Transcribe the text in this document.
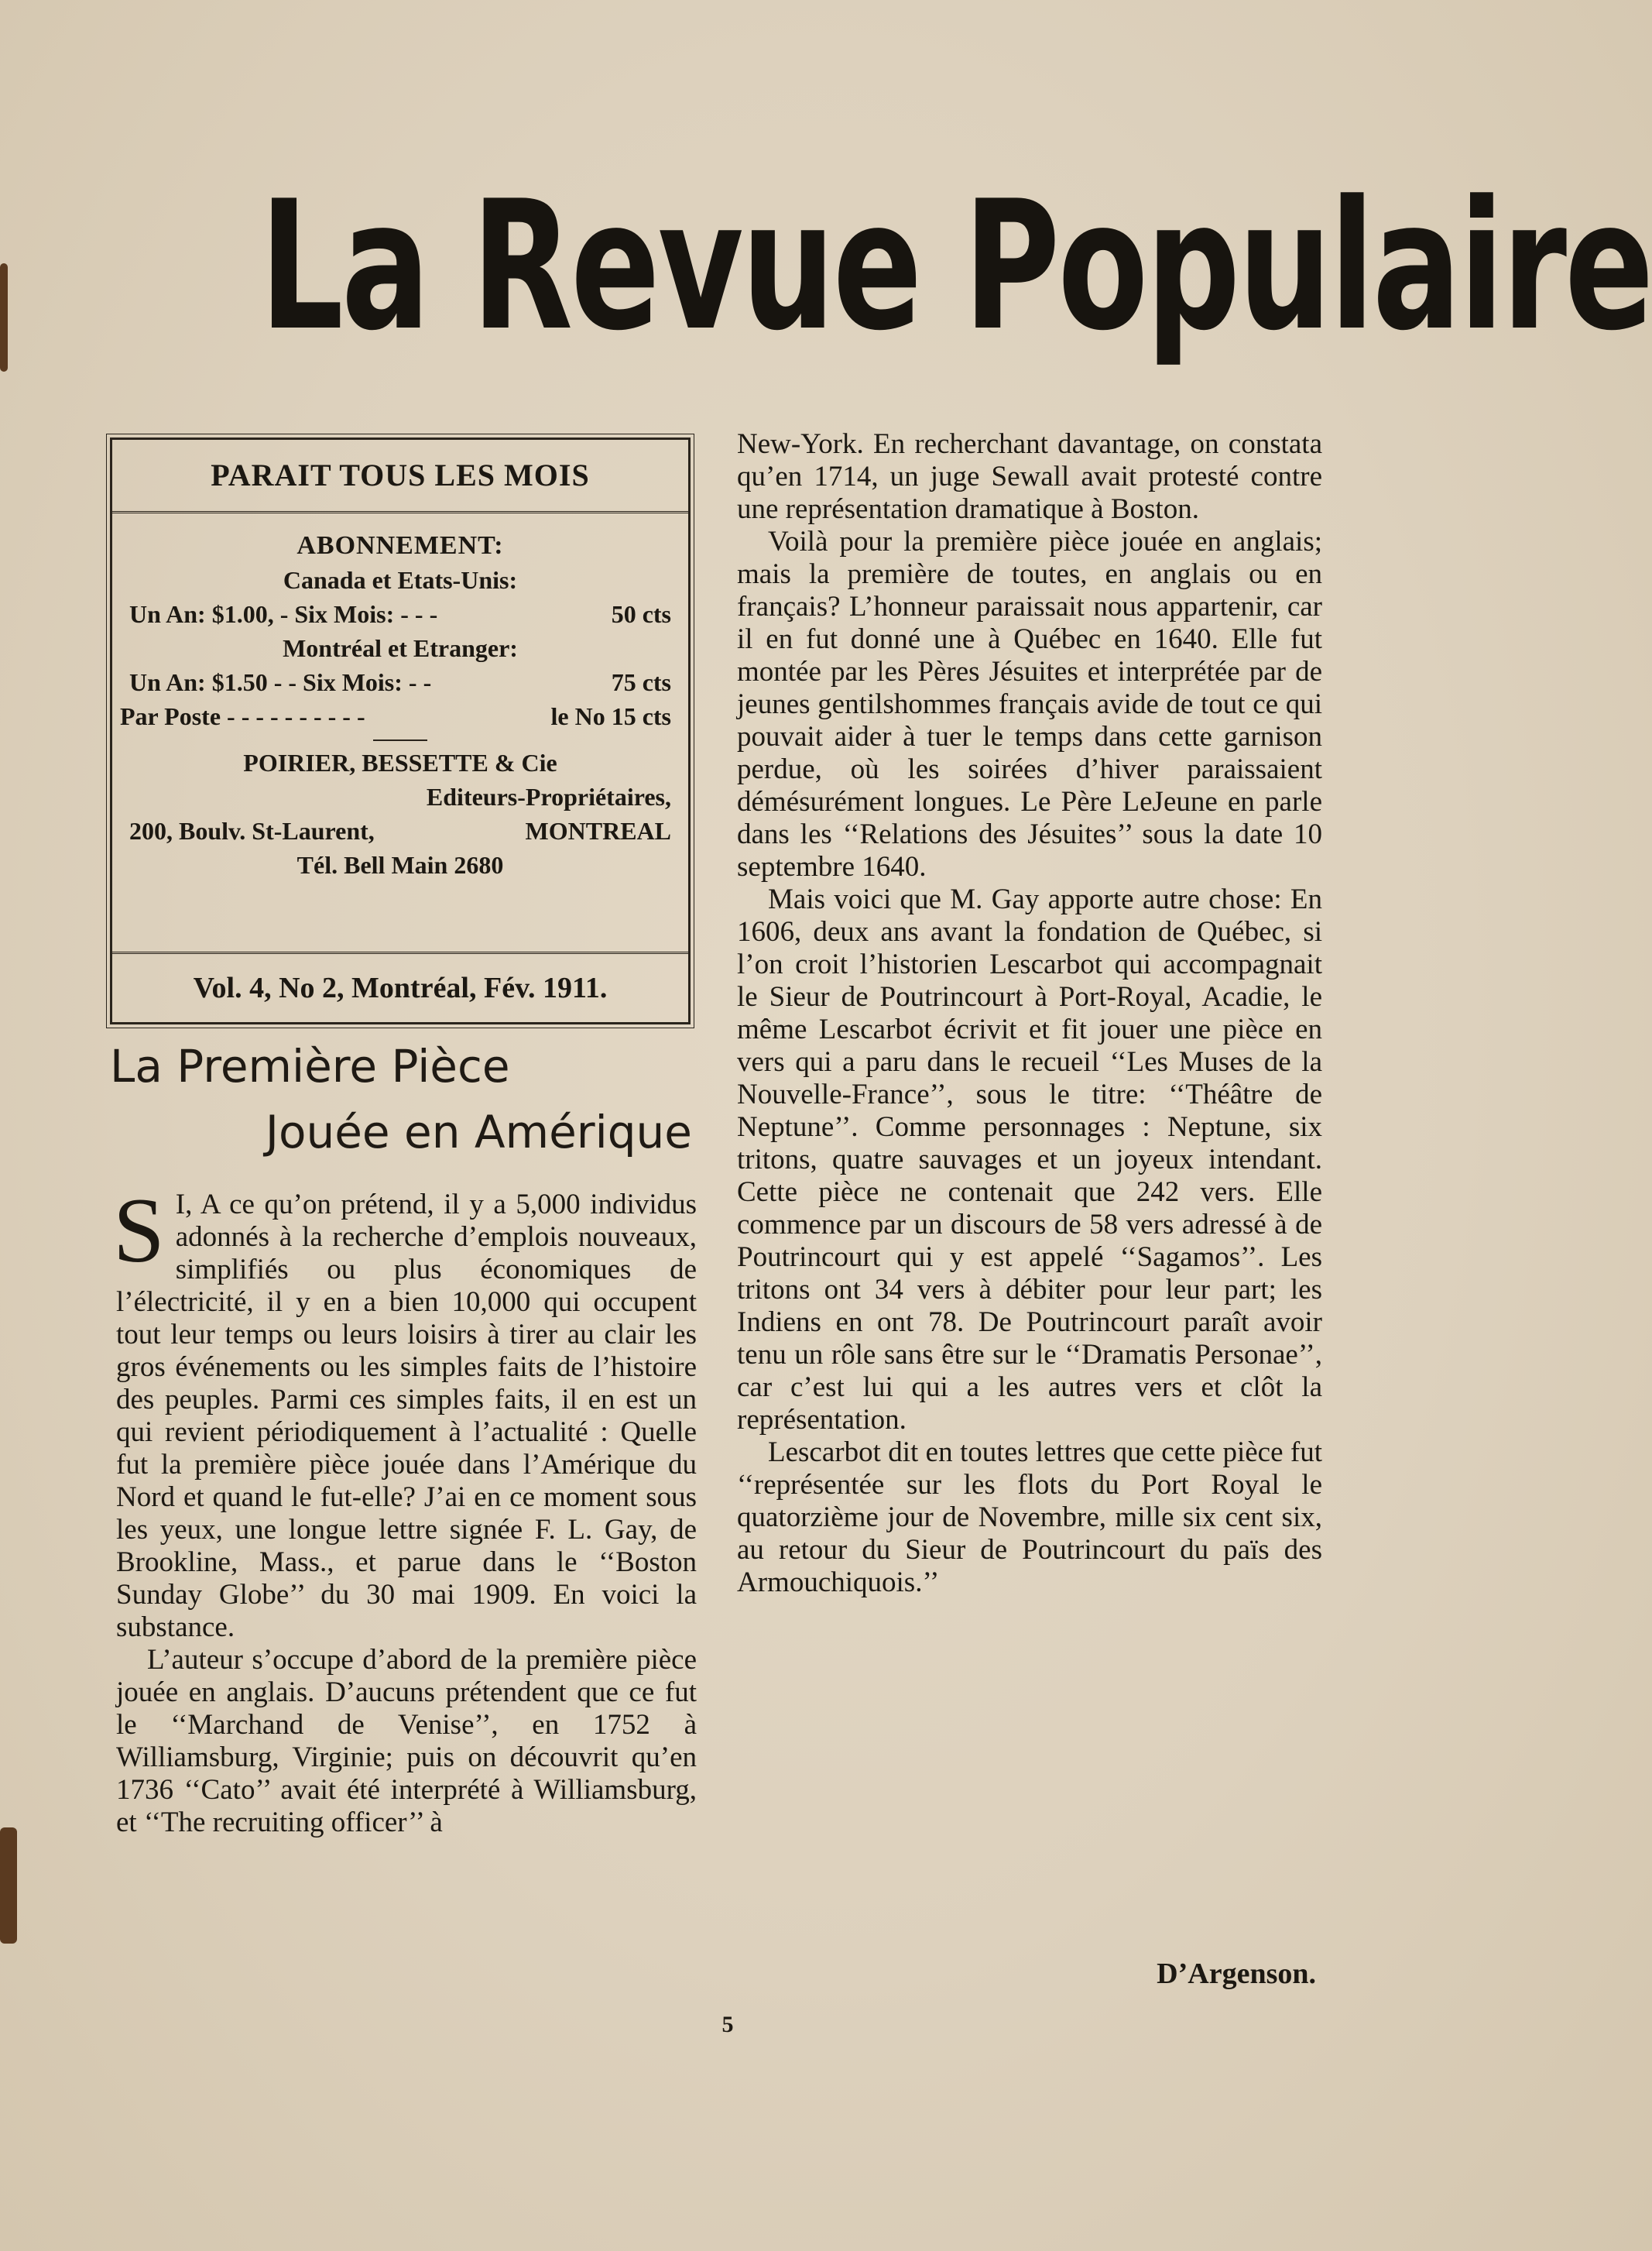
La Revue Populaire
PARAIT TOUS LES MOIS
ABONNEMENT:
Canada et Etats-Unis:
Un An: $1.00, - Six Mois: - - -	50 cts
Montréal et Etranger:
Un An: $1.50 - - Six Mois: - -	75 cts
Par Poste - - - - - - - - - -	le No 15 cts
POIRIER, BESSETTE & Cie
Editeurs-Propriétaires,
200, Boulv. St-Laurent,	MONTREAL
Tél. Bell Main 2680
Vol. 4, No 2, Montréal, Fév. 1911.
La Première Pièce
Jouée en Amérique

S I, A ce qu’on prétend, il y a 5,000 individus adonnés à la recherche d’emplois nouveaux, simplifiés ou plus économiques de l’électricité, il y en a bien 10,000 qui occupent tout leur temps ou leurs loisirs à tirer au clair les gros événements ou les simples faits de l’histoire des peuples. Parmi ces simples faits, il en est un qui revient périodiquement à l’actualité : Quelle fut la première pièce jouée dans l’Amérique du Nord et quand le fut-elle? J’ai en ce moment sous les yeux, une longue lettre signée F. L. Gay, de Brookline, Mass., et parue dans le ‘‘Boston Sunday Globe’’ du 30 mai 1909. En voici la substance.

L’auteur s’occupe d’abord de la première pièce jouée en anglais. D’aucuns prétendent que ce fut le ‘‘Marchand de Venise’’, en 1752 à Williamsburg, Virginie; puis on découvrit qu’en 1736 ‘‘Cato’’ avait été interprété à Williamsburg, et ‘‘The recruiting officer’’ à

New-York. En recherchant davantage, on constata qu’en 1714, un juge Sewall avait protesté contre une représentation dramatique à Boston.

Voilà pour la première pièce jouée en anglais; mais la première de toutes, en anglais ou en français? L’honneur paraissait nous appartenir, car il en fut donné une à Québec en 1640. Elle fut montée par les Pères Jésuites et interprétée par de jeunes gentilshommes français avide de tout ce qui pouvait aider à tuer le temps dans cette garnison perdue, où les soirées d’hiver paraissaient démésurément longues. Le Père LeJeune en parle dans les ‘‘Relations des Jésuites’’ sous la date 10 septembre 1640.

Mais voici que M. Gay apporte autre chose: En 1606, deux ans avant la fondation de Québec, si l’on croit l’historien Lescarbot qui accompagnait le Sieur de Poutrincourt à Port-Royal, Acadie, le même Lescarbot écrivit et fit jouer une pièce en vers qui a paru dans le recueil ‘‘Les Muses de la Nouvelle-France’’, sous le titre: ‘‘Théâtre de Neptune’’. Comme personnages : Neptune, six tritons, quatre sauvages et un joyeux intendant. Cette pièce ne contenait que 242 vers. Elle commence par un discours de 58 vers adressé à de Poutrincourt qui y est appelé ‘‘Sagamos’’. Les tritons ont 34 vers à débiter pour leur part; les Indiens en ont 78. De Poutrincourt paraît avoir tenu un rôle sans être sur le ‘‘Dramatis Personae’’, car c’est lui qui a les autres vers et clôt la représentation.

Lescarbot dit en toutes lettres que cette pièce fut ‘‘représentée sur les flots du Port Royal le quatorzième jour de Novembre, mille six cent six, au retour du Sieur de Poutrincourt du païs des Armouchiquois.’’

D’Argenson.
5
